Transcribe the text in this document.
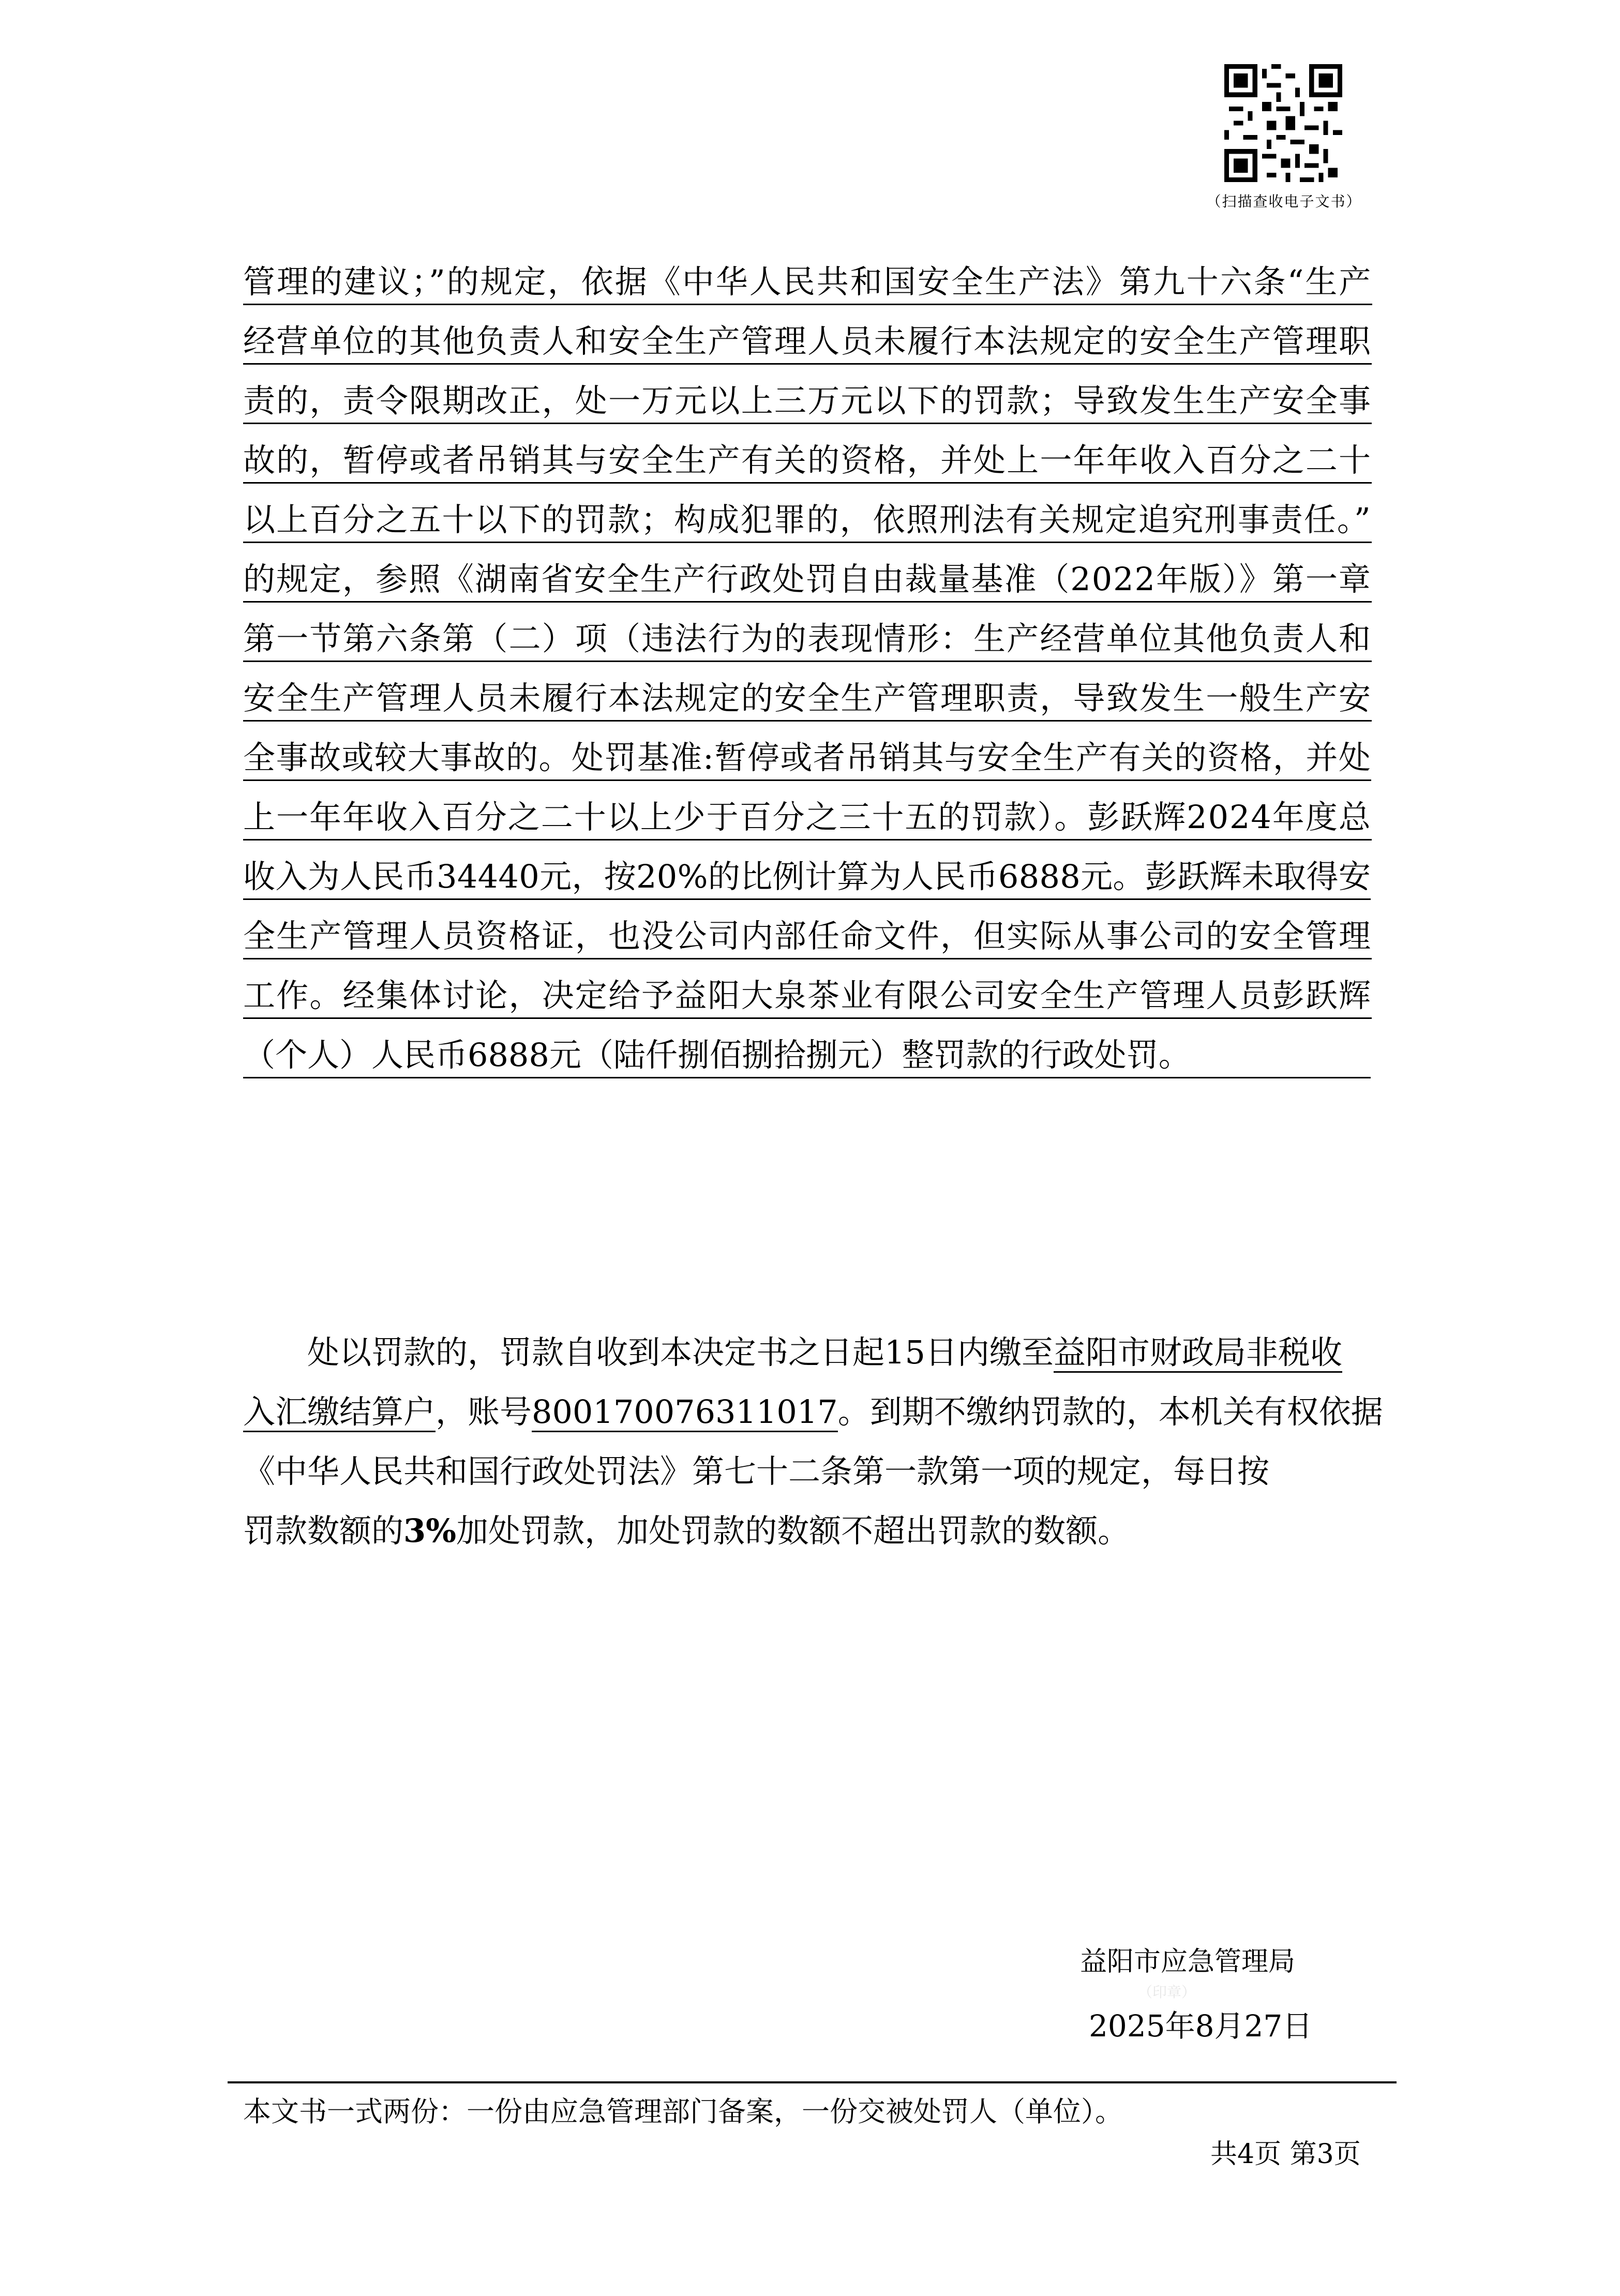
（扫描查收电子文书）
管理的建议；”的规定，依据《中华人民共和国安全生产法》第九十六条“生产
经营单位的其他负责人和安全生产管理人员未履行本法规定的安全生产管理职
责的，责令限期改正，处一万元以上三万元以下的罚款；导致发生生产安全事
故的，暂停或者吊销其与安全生产有关的资格，并处上一年年收入百分之二十
以上百分之五十以下的罚款；构成犯罪的，依照刑法有关规定追究刑事责任。”
的规定，参照《湖南省安全生产行政处罚自由裁量基准（2022年版）》第一章
第一节第六条第（二）项（违法行为的表现情形：生产经营单位其他负责人和
安全生产管理人员未履行本法规定的安全生产管理职责，导致发生一般生产安
全事故或较大事故的。处罚基准:暂停或者吊销其与安全生产有关的资格，并处
上一年年收入百分之二十以上少于百分之三十五的罚款）。彭跃辉2024年度总
收入为人民币34440元，按20%的比例计算为人民币6888元。彭跃辉未取得安
全生产管理人员资格证，也没公司内部任命文件，但实际从事公司的安全管理
工作。经集体讨论，决定给予益阳大泉茶业有限公司安全生产管理人员彭跃辉
（个人）人民币6888元（陆仟捌佰捌拾捌元）整罚款的行政处罚。
处以罚款的，罚款自收到本决定书之日起15日内缴至益阳市财政局非税收
入汇缴结算户，账号800170076311017。到期不缴纳罚款的，本机关有权依据
《中华人民共和国行政处罚法》第七十二条第一款第一项的规定，每日按
罚款数额的3%加处罚款，加处罚款的数额不超出罚款的数额。
益阳市应急管理局
（印章）
2025年8月27日
本文书一式两份：一份由应急管理部门备案，一份交被处罚人（单位）。
共4页 第3页
